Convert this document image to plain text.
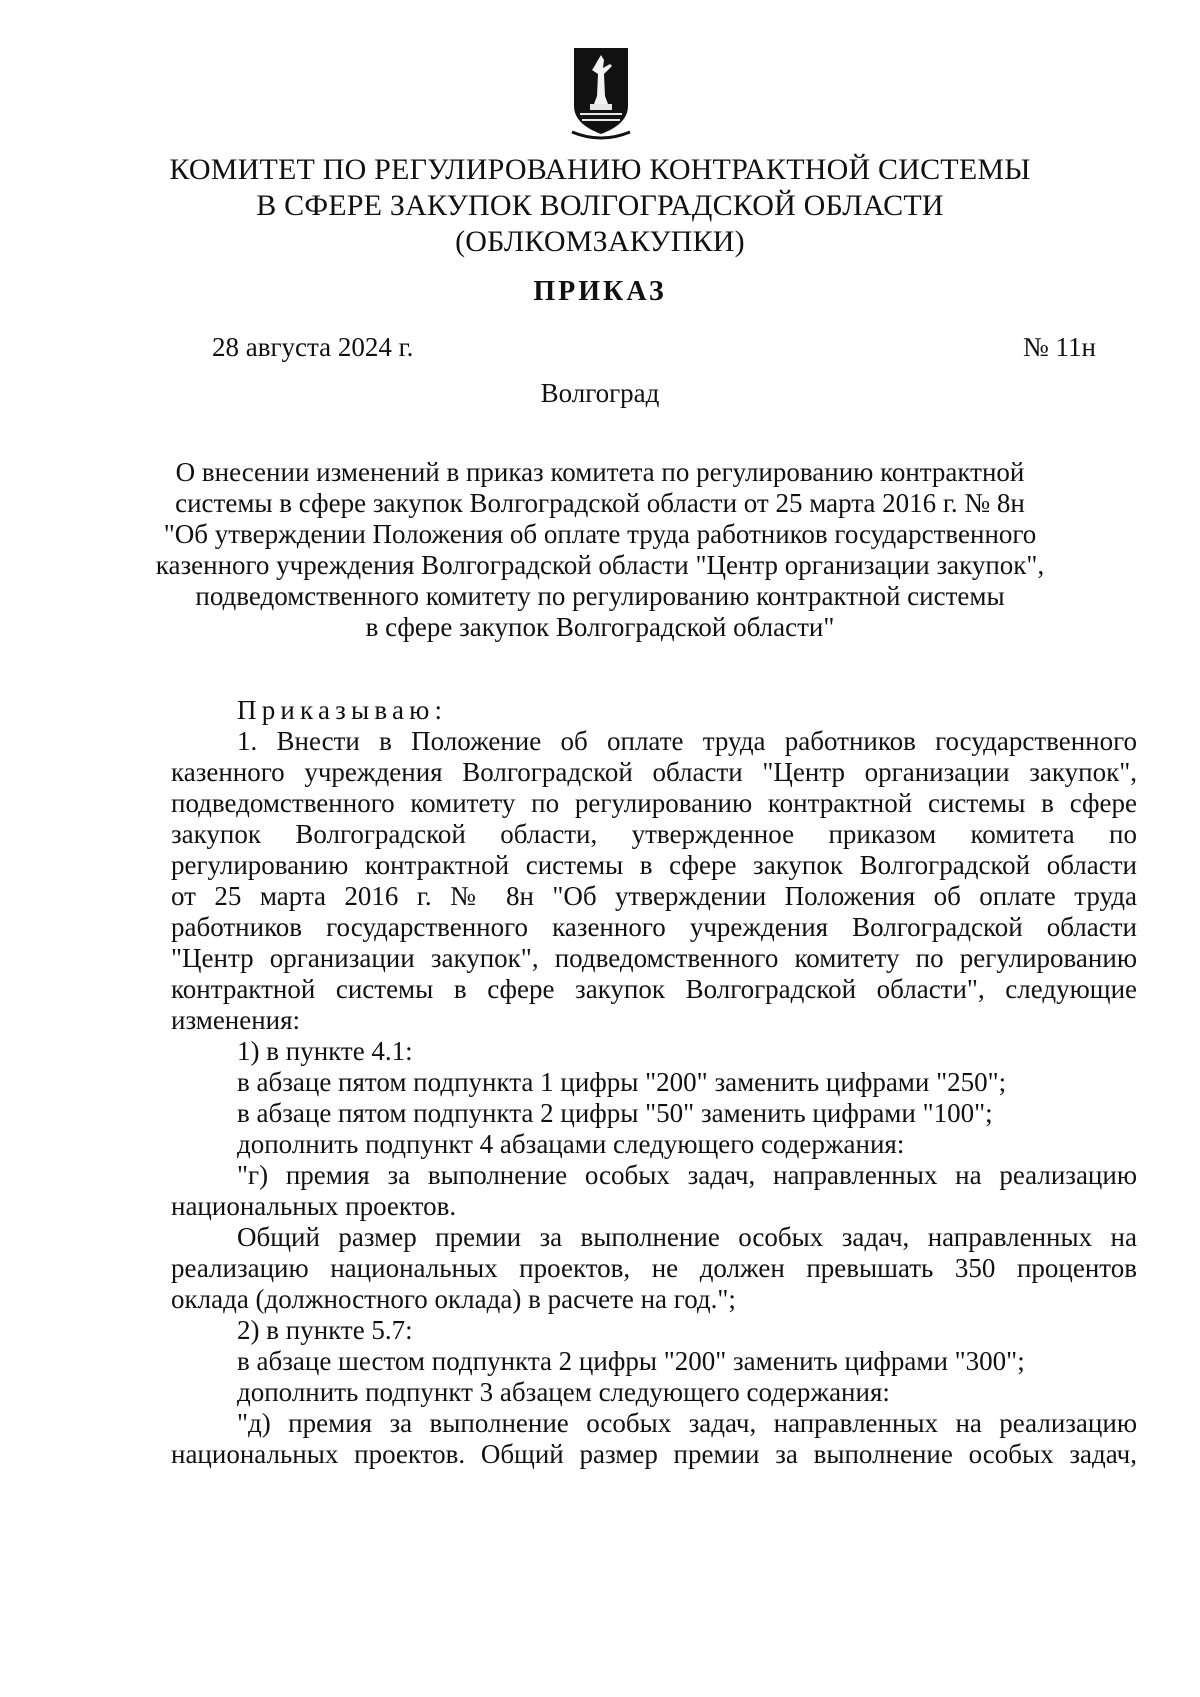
КОМИТЕТ ПО РЕГУЛИРОВАНИЮ КОНТРАКТНОЙ СИСТЕМЫ
В СФЕРЕ ЗАКУПОК ВОЛГОГРАДСКОЙ ОБЛАСТИ
(ОБЛКОМЗАКУПКИ)
ПРИКАЗ
28 августа 2024 г.	№ 11н
Волгоград
О внесении изменений в приказ комитета по регулированию контрактной
системы в сфере закупок Волгоградской области от 25 марта 2016 г. № 8н
"Об утверждении Положения об оплате труда работников государственного
казенного учреждения Волгоградской области "Центр организации закупок",
подведомственного комитету по регулированию контрактной системы
в сфере закупок Волгоградской области"

Приказываю:

1. Внести в Положение об оплате труда работников государственного

казенного учреждения Волгоградской области "Центр организации закупок",

подведомственного комитету по регулированию контрактной системы в сфере

закупок Волгоградской области, утвержденное приказом комитета по

регулированию контрактной системы в сфере закупок Волгоградской области

от 25 марта 2016 г. № 8н "Об утверждении Положения об оплате труда

работников государственного казенного учреждения Волгоградской области

"Центр организации закупок", подведомственного комитету по регулированию

контрактной системы в сфере закупок Волгоградской области", следующие

изменения:

1) в пункте 4.1:

в абзаце пятом подпункта 1 цифры "200" заменить цифрами "250";

в абзаце пятом подпункта 2 цифры "50" заменить цифрами "100";

дополнить подпункт 4 абзацами следующего содержания:

"г) премия за выполнение особых задач, направленных на реализацию

национальных проектов.

Общий размер премии за выполнение особых задач, направленных на

реализацию национальных проектов, не должен превышать 350 процентов

оклада (должностного оклада) в расчете на год.";

2) в пункте 5.7:

в абзаце шестом подпункта 2 цифры "200" заменить цифрами "300";

дополнить подпункт 3 абзацем следующего содержания:

"д) премия за выполнение особых задач, направленных на реализацию

национальных проектов. Общий размер премии за выполнение особых задач,
